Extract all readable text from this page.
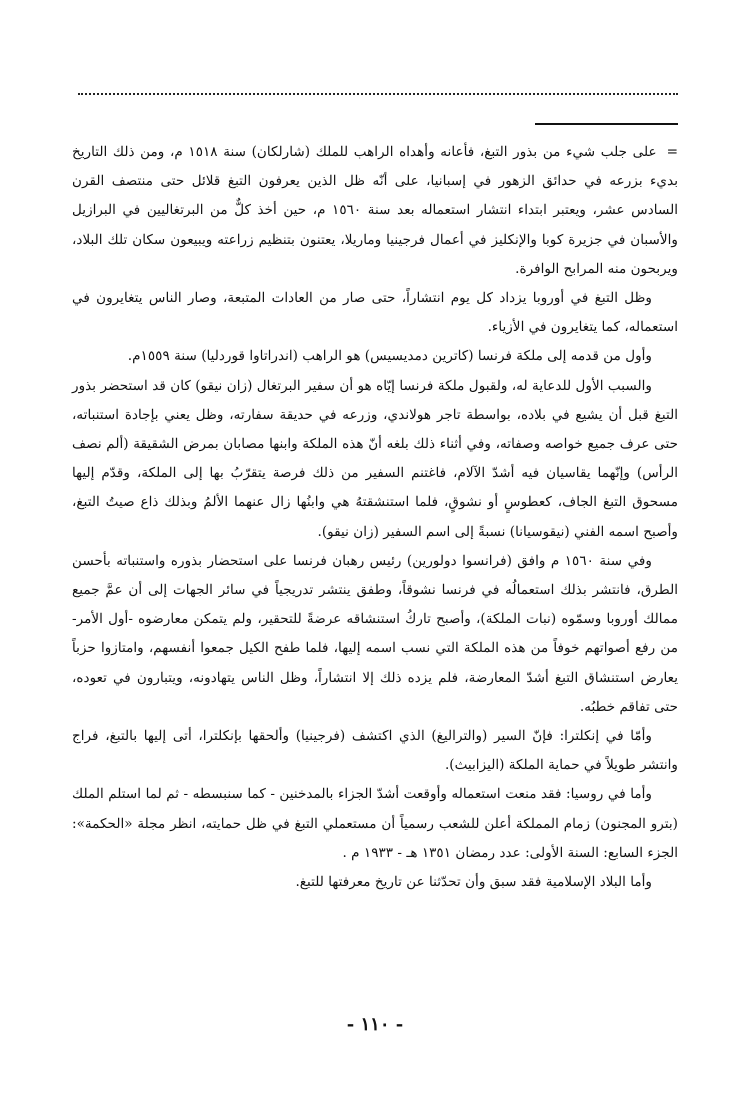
=على جلب شيء من بذور التبغ، فأعانه وأهداه الراهب للملك (شارلكان) سنة ١٥١٨ م، ومن ذلك التاريخ بديء بزرعه في حدائق الزهور في إسبانيا، على أنّه ظل الذين يعرفون التبغ قلائل حتى منتصف القرن السادس عشر، ويعتبر ابتداء انتشار استعماله بعد سنة ١٥٦٠ م، حين أخذ كلٌّ من البرتغاليين في البرازيل والأسبان في جزيرة كوبا والإنكليز في أعمال فرجينيا وماريلا، يعتنون بتنظيم زراعته ويبيعون سكان تلك البلاد، ويربحون منه المرابح الوافرة.

وظل التبغ في أوروبا يزداد كل يوم انتشاراً، حتى صار من العادات المتبعة، وصار الناس يتغايرون في استعماله، كما يتغايرون في الأزياء.

وأول من قدمه إلى ملكة فرنسا (كاترين دمديسيس) هو الراهب (اندراتاوا قوردليا) سنة ١٥٥٩م.

والسبب الأول للدعاية له، ولقبول ملكة فرنسا إيّاه هو أن سفير البرتغال (زان نيقو) كان قد استحضر بذور التبغ قبل أن يشيع في بلاده، بواسطة تاجر هولاندي، وزرعه في حديقة سفارته، وظل يعني بإجادة استنباته، حتى عرف جميع خواصه وصفاته، وفي أثناء ذلك بلغه أنّ هذه الملكة وابنها مصابان بمرض الشقيقة (ألم نصف الرأس) وإنّهما يقاسيان فيه أشدّ الآلام، فاغتنم السفير من ذلك فرصة يتقرّبُ بها إلى الملكة، وقدّم إليها مسحوق التبغ الجاف، كعطوسٍ أو نشوقٍ، فلما استنشقتهُ هي وابنُها زال عنهما الألمُ وبذلك ذاع صيتُ التبغ، وأصبح اسمه الفني (نيقوسيانا) نسبةً إلى اسم السفير (زان نيقو).

وفي سنة ١٥٦٠ م وافق (فرانسوا دولورين) رئيس رهبان فرنسا على استحضار بذوره واستنباته بأحسن الطرق، فانتشر بذلك استعمالُه في فرنسا نشوقاً، وطفق ينتشر تدريجياً في سائر الجهات إلى أن عمَّ جميع ممالك أوروبا وسمّوه (نبات الملكة)، وأصبح تاركُ استنشاقه عرضةً للتحقير، ولم يتمكن معارضوه -أول الأمر- من رفع أصواتهم خوفاً من هذه الملكة التي نسب اسمه إليها، فلما طفح الكيل جمعوا أنفسهم، وامتازوا حزباً يعارض استنشاق التبغ أشدّ المعارضة، فلم يزده ذلك إلا انتشاراً، وظل الناس يتهادونه، ويتبارون في تعوده، حتى تفاقم خطبُه.

وأمّا في إنكلترا: فإنّ السير (والتراليغ) الذي اكتشف (فرجينيا) وألحقها بإنكلترا، أتى إليها بالتبغ، فراج وانتشر طويلاً في حماية الملكة (اليزابيث).

وأما في روسيا: فقد منعت استعماله وأوقعت أشدّ الجزاء بالمدخنين - كما سنبسطه - ثم لما استلم الملك (بترو المجنون) زمام المملكة أعلن للشعب رسمياً أن مستعملي التبغ في ظل حمايته، انظر مجلة «الحكمة»: الجزء السابع: السنة الأولى: عدد رمضان ١٣٥١ هـ - ١٩٣٣ م .

وأما البلاد الإسلامية فقد سبق وأن تحدّثنا عن تاريخ معرفتها للتبغ.

- ١١٠ -
